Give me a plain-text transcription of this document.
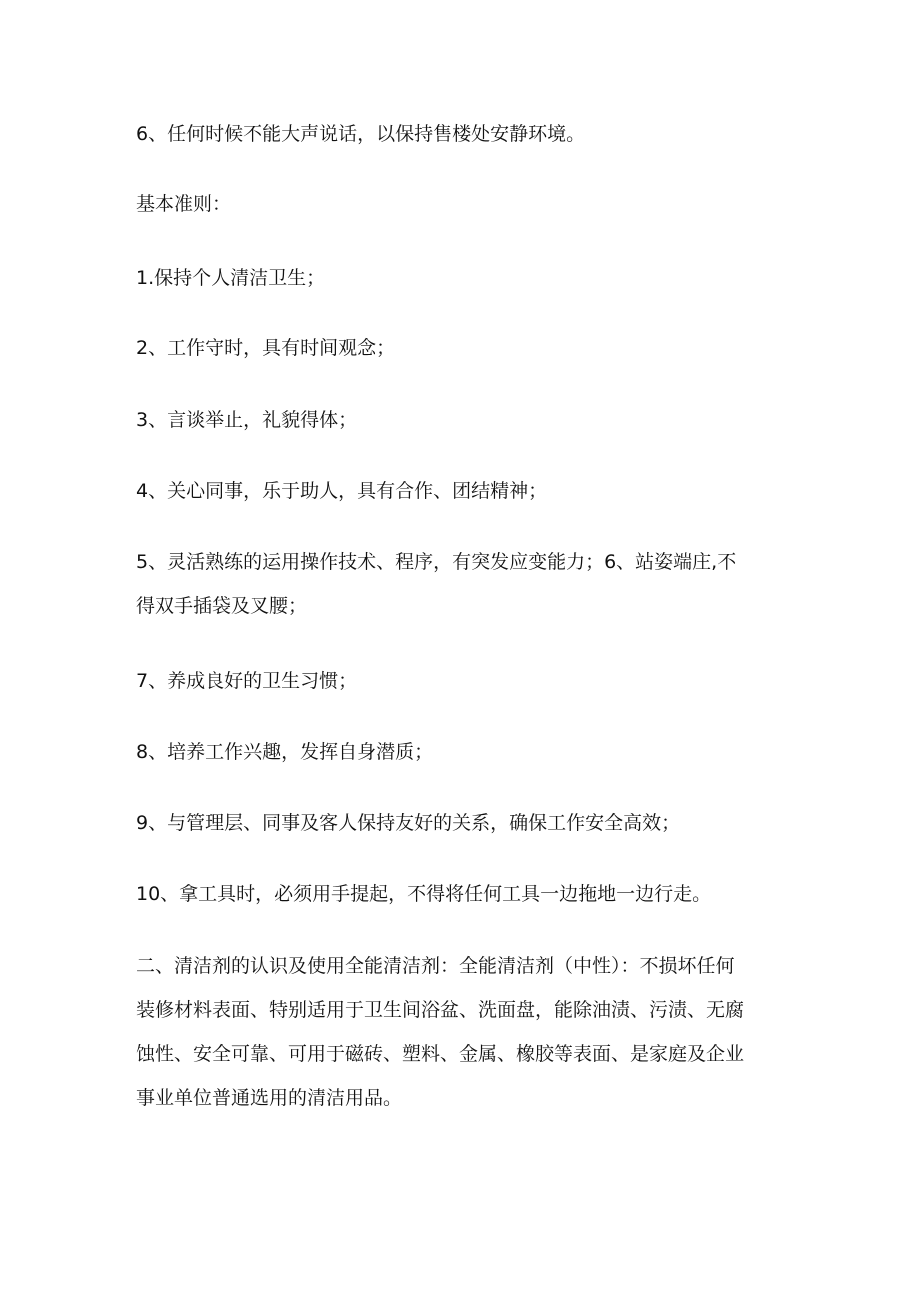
6、任何时候不能大声说话，以保持售楼处安静环境。

基本准则：

1.保持个人清洁卫生；

2、工作守时，具有时间观念；

3、言谈举止，礼貌得体；

4、关心同事，乐于助人，具有合作、团结精神；

5、灵活熟练的运用操作技术、程序，有突发应变能力；6、站姿端庄,不
得双手插袋及叉腰；

7、养成良好的卫生习惯；

8、培养工作兴趣，发挥自身潜质；

9、与管理层、同事及客人保持友好的关系，确保工作安全高效；

10、拿工具时，必须用手提起，不得将任何工具一边拖地一边行走。

二、清洁剂的认识及使用全能清洁剂：全能清洁剂（中性）：不损坏任何
装修材料表面、特别适用于卫生间浴盆、洗面盘，能除油渍、污渍、无腐
蚀性、安全可靠、可用于磁砖、塑料、金属、橡胶等表面、是家庭及企业
事业单位普通选用的清洁用品。
